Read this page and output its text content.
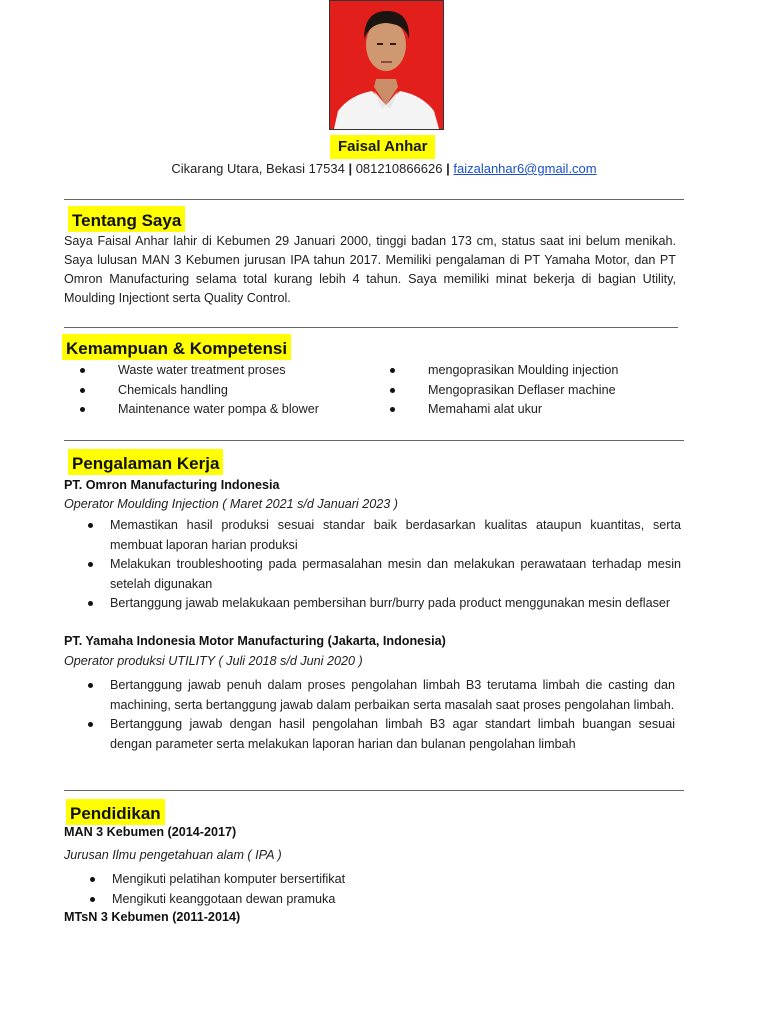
Faisal Anhar
Cikarang Utara, Bekasi 17534 | 081210866626 | faizalanhar6@gmail.com
Tentang Saya

Saya Faisal Anhar lahir di Kebumen 29 Januari 2000, tinggi badan 173 cm, status saat ini belum menikah. Saya lulusan MAN 3 Kebumen jurusan IPA tahun 2017. Memiliki pengalaman di PT Yamaha Motor, dan PT Omron Manufacturing selama total kurang lebih 4 tahun. Saya memiliki minat bekerja di bagian Utility, Moulding Injectiont serta Quality Control.

Kemampuan & Kompetensi
Waste water treatment proses
Chemicals handling
Maintenance water pompa & blower
mengoprasikan Moulding injection
Mengoprasikan Deflaser machine
Memahami alat ukur
Pengalaman Kerja
PT. Omron Manufacturing Indonesia
Operator Moulding Injection ( Maret 2021 s/d Januari 2023 )
Memastikan hasil produksi sesuai standar baik berdasarkan kualitas ataupun kuantitas, serta membuat laporan harian produksi
Melakukan troubleshooting pada permasalahan mesin dan melakukan perawataan terhadap mesin setelah digunakan
Bertanggung jawab melakukaan pembersihan burr/burry pada product menggunakan mesin deflaser
PT. Yamaha Indonesia Motor Manufacturing (Jakarta, Indonesia)
Operator produksi UTILITY ( Juli 2018 s/d Juni 2020 )
Bertanggung jawab penuh dalam proses pengolahan limbah B3 terutama limbah die casting dan machining, serta bertanggung jawab dalam perbaikan serta masalah saat proses pengolahan limbah.
Bertanggung jawab dengan hasil pengolahan limbah B3 agar standart limbah buangan sesuai dengan parameter serta melakukan laporan harian dan bulanan pengolahan limbah
Pendidikan
MAN 3 Kebumen (2014-2017)
Jurusan Ilmu pengetahuan alam ( IPA )
Mengikuti pelatihan komputer bersertifikat
Mengikuti keanggotaan dewan pramuka
MTsN 3 Kebumen (2011-2014)
